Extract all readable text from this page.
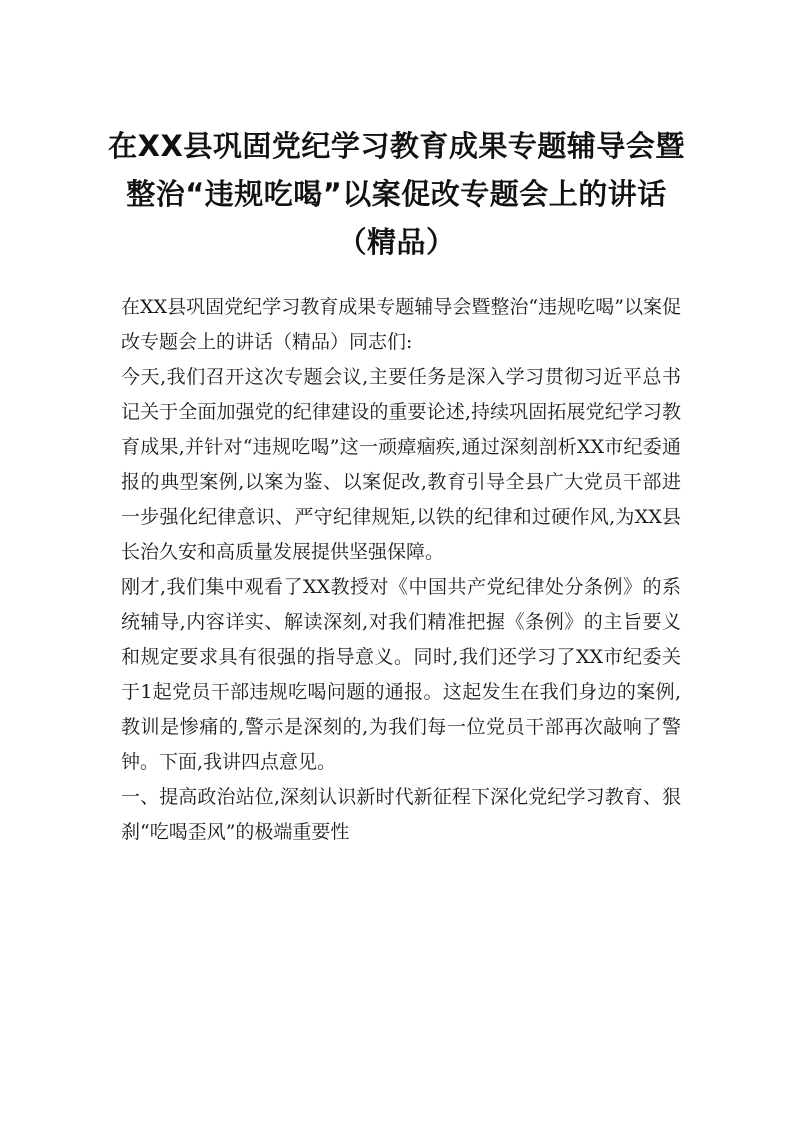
在XX县巩固党纪学习教育成果专题辅导会暨整治“违规吃喝”以案促改专题会上的讲话（精品）

在XX县巩固党纪学习教育成果专题辅导会暨整治“违规吃喝”以案促改专题会上的讲话（精品）同志们:

今天,我们召开这次专题会议,主要任务是深入学习贯彻习近平总书记关于全面加强党的纪律建设的重要论述,持续巩固拓展党纪学习教育成果,并针对“违规吃喝”这一顽瘴痼疾,通过深刻剖析XX市纪委通报的典型案例,以案为鉴、以案促改,教育引导全县广大党员干部进一步强化纪律意识、严守纪律规矩,以铁的纪律和过硬作风,为XX县长治久安和高质量发展提供坚强保障。

刚才,我们集中观看了XX教授对《中国共产党纪律处分条例》的系统辅导,内容详实、解读深刻,对我们精准把握《条例》的主旨要义和规定要求具有很强的指导意义。同时,我们还学习了XX市纪委关于1起党员干部违规吃喝问题的通报。这起发生在我们身边的案例,教训是惨痛的,警示是深刻的,为我们每一位党员干部再次敲响了警钟。下面,我讲四点意见。

一、提高政治站位,深刻认识新时代新征程下深化党纪学习教育、狠刹“吃喝歪风”的极端重要性
